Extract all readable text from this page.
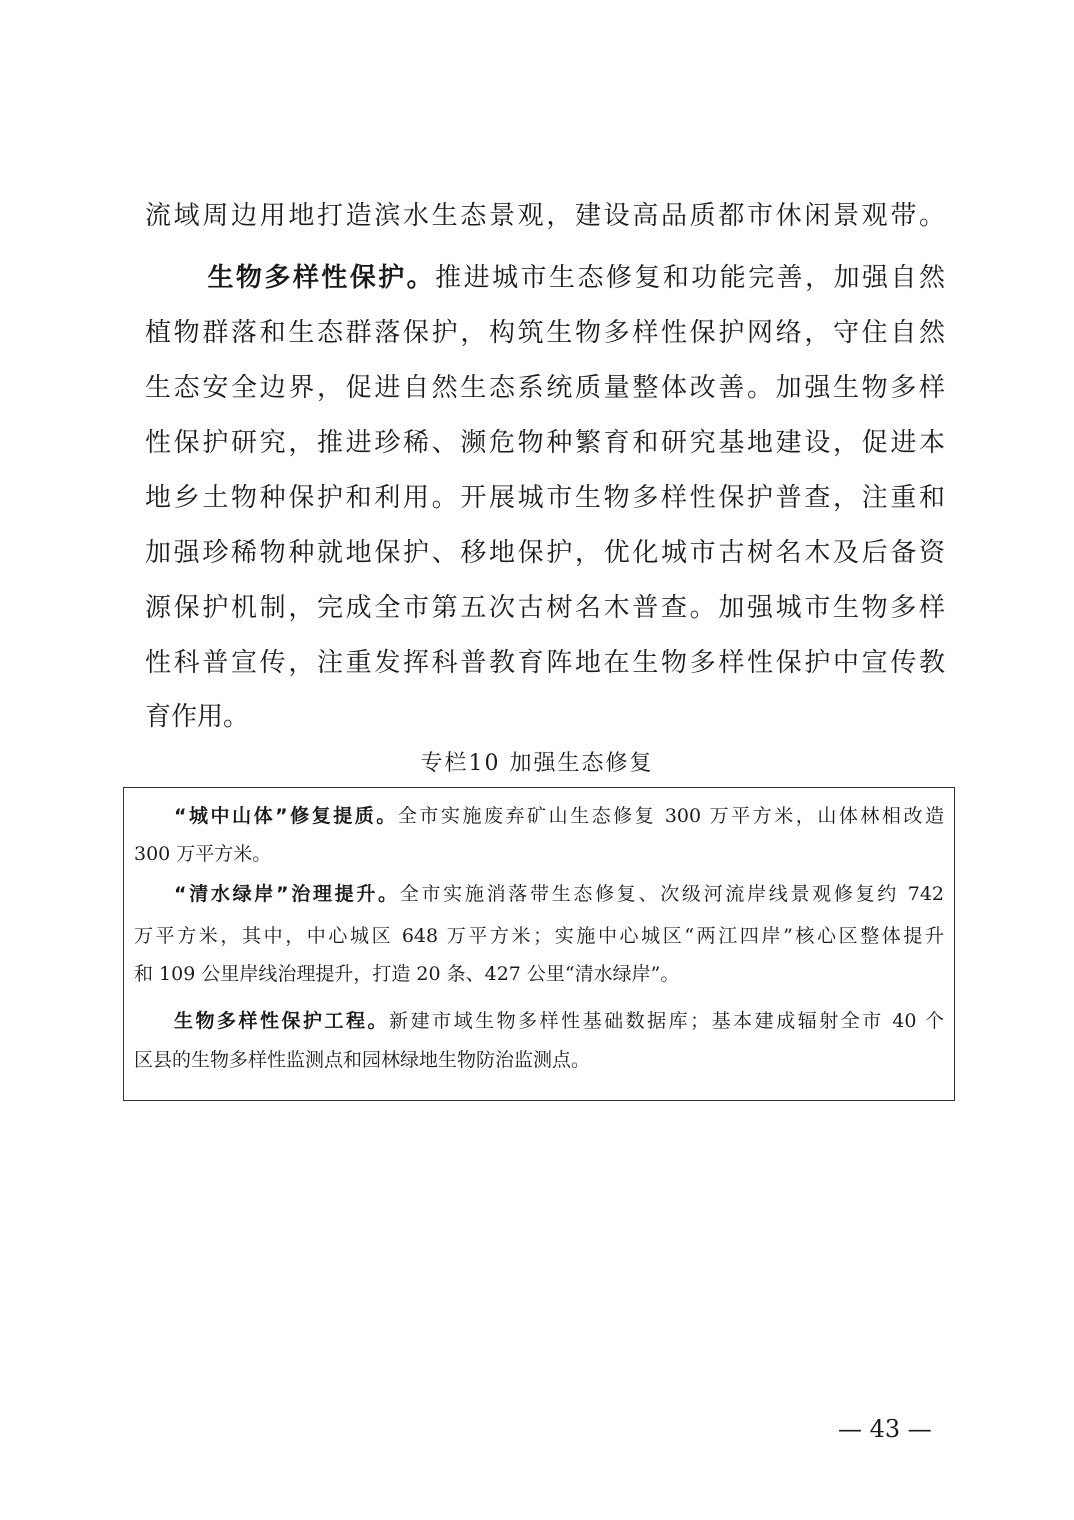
流域周边用地打造滨水生态景观，建设高品质都市休闲景观带。
生物多样性保护。推进城市生态修复和功能完善，加强自然
植物群落和生态群落保护，构筑生物多样性保护网络，守住自然
生态安全边界，促进自然生态系统质量整体改善。加强生物多样
性保护研究，推进珍稀、濒危物种繁育和研究基地建设，促进本
地乡土物种保护和利用。开展城市生物多样性保护普查，注重和
加强珍稀物种就地保护、移地保护，优化城市古树名木及后备资
源保护机制，完成全市第五次古树名木普查。加强城市生物多样
性科普宣传，注重发挥科普教育阵地在生物多样性保护中宣传教
育作用。
专栏10 加强生态修复
“城中山体”修复提质。全市实施废弃矿山生态修复 300 万平方米，山体林相改造
300 万平方米。
“清水绿岸”治理提升。全市实施消落带生态修复、次级河流岸线景观修复约 742
万平方米，其中，中心城区 648 万平方米；实施中心城区“两江四岸”核心区整体提升
和 109 公里岸线治理提升，打造 20 条、427 公里“清水绿岸”。
生物多样性保护工程。新建市域生物多样性基础数据库；基本建成辐射全市 40 个
区县的生物多样性监测点和园林绿地生物防治监测点。
— 43 —
